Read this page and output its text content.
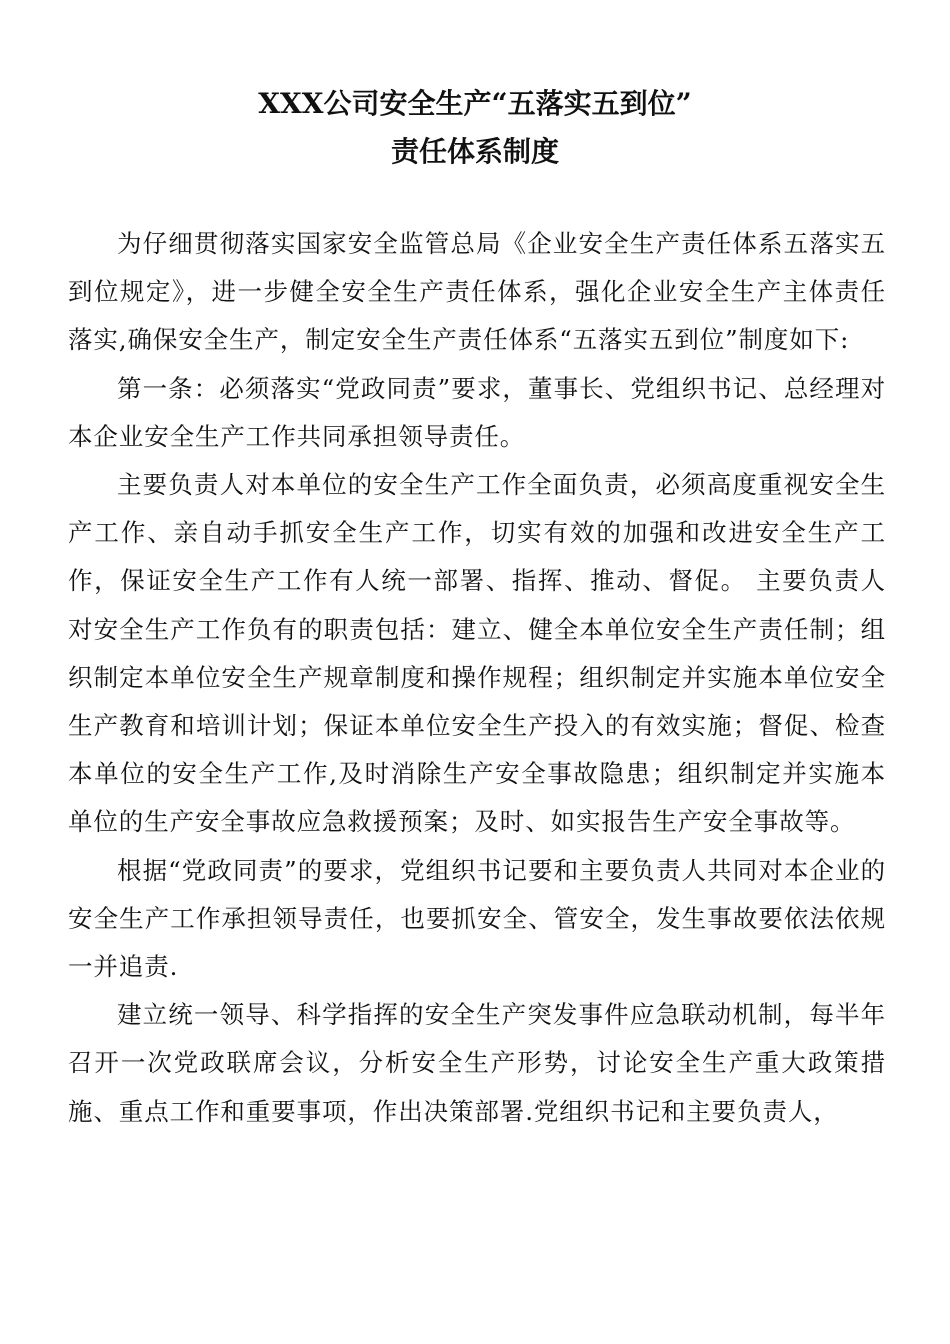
XXX公司安全生产“五落实五到位”
责任体系制度

为仔细贯彻落实国家安全监管总局《企业安全生产责任体系五落实五到位规定》，进一步健全安全生产责任体系，强化企业安全生产主体责任落实,确保安全生产，制定安全生产责任体系“五落实五到位”制度如下:

第一条：必须落实“党政同责”要求，董事长、党组织书记、总经理对本企业安全生产工作共同承担领导责任。

主要负责人对本单位的安全生产工作全面负责，必须高度重视安全生产工作、亲自动手抓安全生产工作，切实有效的加强和改进安全生产工作，保证安全生产工作有人统一部署、指挥、推动、督促。 主要负责人对安全生产工作负有的职责包括：建立、健全本单位安全生产责任制；组织制定本单位安全生产规章制度和操作规程；组织制定并实施本单位安全生产教育和培训计划；保证本单位安全生产投入的有效实施；督促、检查本单位的安全生产工作,及时消除生产安全事故隐患；组织制定并实施本单位的生产安全事故应急救援预案；及时、如实报告生产安全事故等。

根据“党政同责”的要求，党组织书记要和主要负责人共同对本企业的安全生产工作承担领导责任，也要抓安全、管安全，发生事故要依法依规一并追责.

建立统一领导、科学指挥的安全生产突发事件应急联动机制，每半年召开一次党政联席会议，分析安全生产形势，讨论安全生产重大政策措施、重点工作和重要事项，作出决策部署.党组织书记和主要负责人，
